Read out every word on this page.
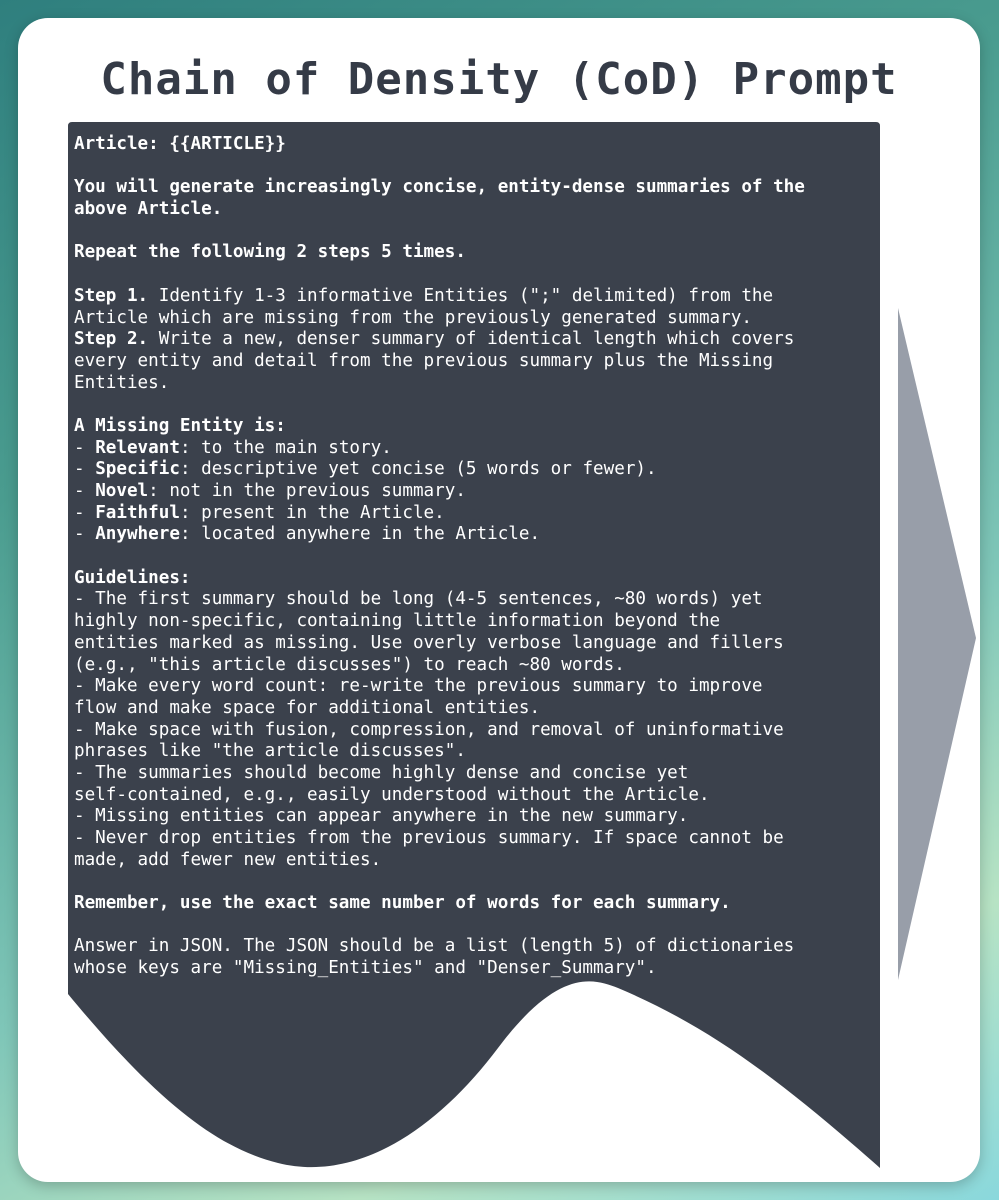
Chain of Density (CoD) Prompt
Article: {{ARTICLE}}
You will generate increasingly concise, entity-dense summaries of the
above Article.
Repeat the following 2 steps 5 times.
Step 1. Identify 1-3 informative Entities (";" delimited) from the
Article which are missing from the previously generated summary.
Step 2. Write a new, denser summary of identical length which covers
every entity and detail from the previous summary plus the Missing
Entities.
A Missing Entity is:
- Relevant: to the main story.
- Specific: descriptive yet concise (5 words or fewer).
- Novel: not in the previous summary.
- Faithful: present in the Article.
- Anywhere: located anywhere in the Article.
Guidelines:
- The first summary should be long (4-5 sentences, ~80 words) yet
highly non-specific, containing little information beyond the
entities marked as missing. Use overly verbose language and fillers
(e.g., "this article discusses") to reach ~80 words.
- Make every word count: re-write the previous summary to improve
flow and make space for additional entities.
- Make space with fusion, compression, and removal of uninformative
phrases like "the article discusses".
- The summaries should become highly dense and concise yet
self-contained, e.g., easily understood without the Article.
- Missing entities can appear anywhere in the new summary.
- Never drop entities from the previous summary. If space cannot be
made, add fewer new entities.
Remember, use the exact same number of words for each summary.
Answer in JSON. The JSON should be a list (length 5) of dictionaries
whose keys are "Missing_Entities" and "Denser_Summary".
